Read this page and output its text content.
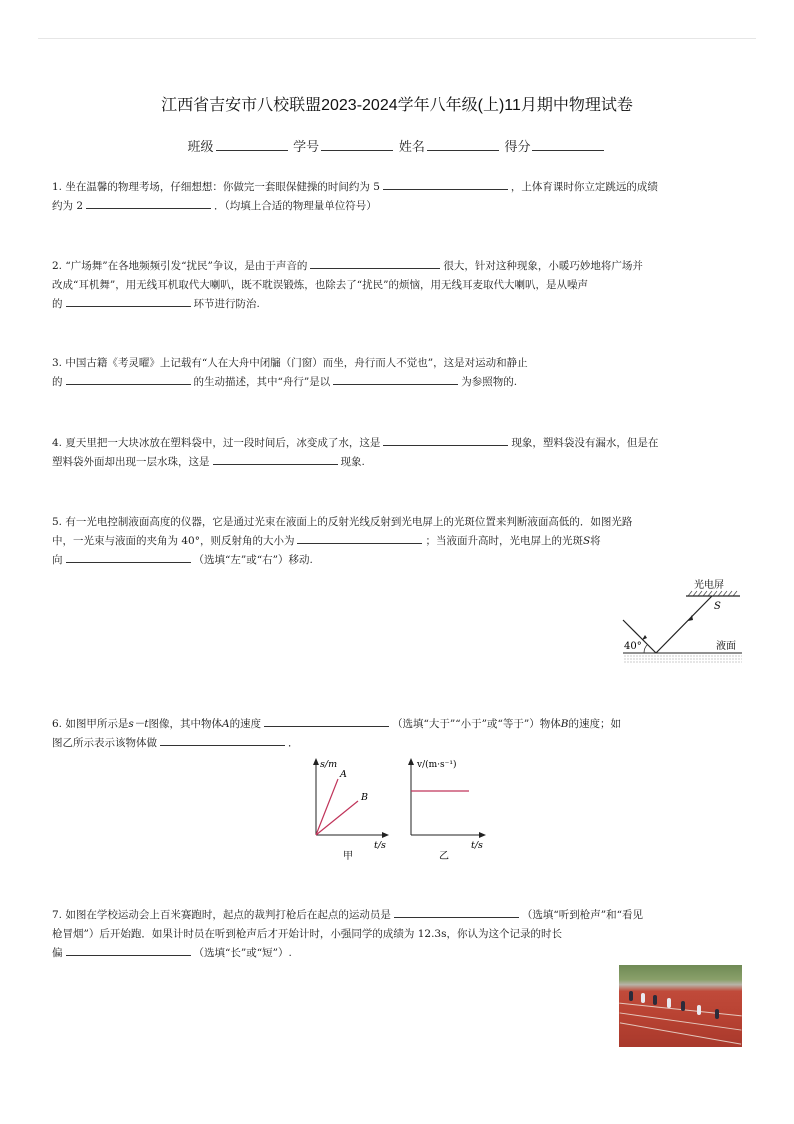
江西省吉安市八校联盟2023-2024学年八年级(上)11月期中物理试卷
班级	学号	姓名	得分
1. 坐在温馨的物理考场，仔细想想：你做完一套眼保健操的时间约为 5	，上体育课时你立定跳远的成绩
约为 2	．（均填上合适的物理量单位符号）
2. “广场舞”在各地频频引发“扰民”争议，是由于声音的	很大，针对这种现象，小暖巧妙地将广场并
改成“耳机舞”，用无线耳机取代大喇叭，既不耽误锻炼，也除去了“扰民”的烦恼，用无线耳麦取代大喇叭，是从噪声
的	环节进行防治.
3. 中国古籍《考灵曜》上记载有“人在大舟中闭牖（门窗）而坐，舟行而人不觉也”，这是对运动和静止
的	的生动描述，其中“舟行”是以	为参照物的.
4. 夏天里把一大块冰放在塑料袋中，过一段时间后，冰变成了水，这是	现象，塑料袋没有漏水，但是在
塑料袋外面却出现一层水珠，这是	现象.
5. 有一光电控制液面高度的仪器，它是通过光束在液面上的反射光线反射到光电屏上的光斑位置来判断液面高低的．如图光路
中，一光束与液面的夹角为 40°，则反射角的大小为	；当液面升高时，光电屏上的光斑S将
向	（选填“左”或“右”）移动.
光电屏
S
40°	液面
6. 如图甲所示是s－t图像，其中物体A的速度	（选填“大于”“小于”或“等于”）物体B的速度；如
图乙所示表示该物体做	．
s/m
A
B
t/s
甲
v/(m·s⁻¹)
t/s
乙
7. 如图在学校运动会上百米赛跑时，起点的裁判打枪后在起点的运动员是	（选填“听到枪声”和“看见
枪冒烟”）后开始跑．如果计时员在听到枪声后才开始计时，小强同学的成绩为 12.3s，你认为这个记录的时长
偏	（选填“长”或“短”）.
